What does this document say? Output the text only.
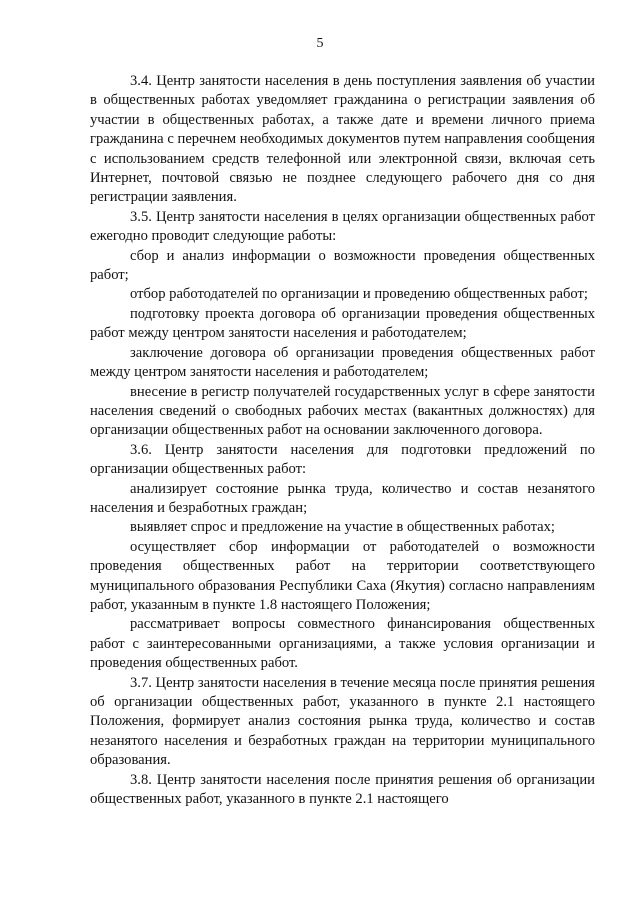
5

3.4. Центр занятости населения в день поступления заявления об участии в общественных работах уведомляет гражданина о регистрации заявления об участии в общественных работах, а также дате и времени личного приема гражданина с перечнем необходимых документов путем направления сообщения с использованием средств телефонной или электронной связи, включая сеть Интернет, почтовой связью не позднее следующего рабочего дня со дня регистрации заявления.

3.5. Центр занятости населения в целях организации общественных работ ежегодно проводит следующие работы:

сбор и анализ информации о возможности проведения общественных работ;

отбор работодателей по организации и проведению общественных работ;

подготовку проекта договора об организации проведения общественных работ между центром занятости населения и работодателем;

заключение договора об организации проведения общественных работ между центром занятости населения и работодателем;

внесение в регистр получателей государственных услуг в сфере занятости населения сведений о свободных рабочих местах (вакантных должностях) для организации общественных работ на основании заключенного договора.

3.6. Центр занятости населения для подготовки предложений по организации общественных работ:

анализирует состояние рынка труда, количество и состав незанятого населения и безработных граждан;

выявляет спрос и предложение на участие в общественных работах;

осуществляет сбор информации от работодателей о возможности проведения общественных работ на территории соответствующего муниципального образования Республики Саха (Якутия) согласно направлениям работ, указанным в пункте 1.8 настоящего Положения;

рассматривает вопросы совместного финансирования общественных работ с заинтересованными организациями, а также условия организации и проведения общественных работ.

3.7. Центр занятости населения в течение месяца после принятия решения об организации общественных работ, указанного в пункте 2.1 настоящего Положения, формирует анализ состояния рынка труда, количество и состав незанятого населения и безработных граждан на территории муниципального образования.

3.8. Центр занятости населения после принятия решения об организации общественных работ, указанного в пункте 2.1 настоящего
